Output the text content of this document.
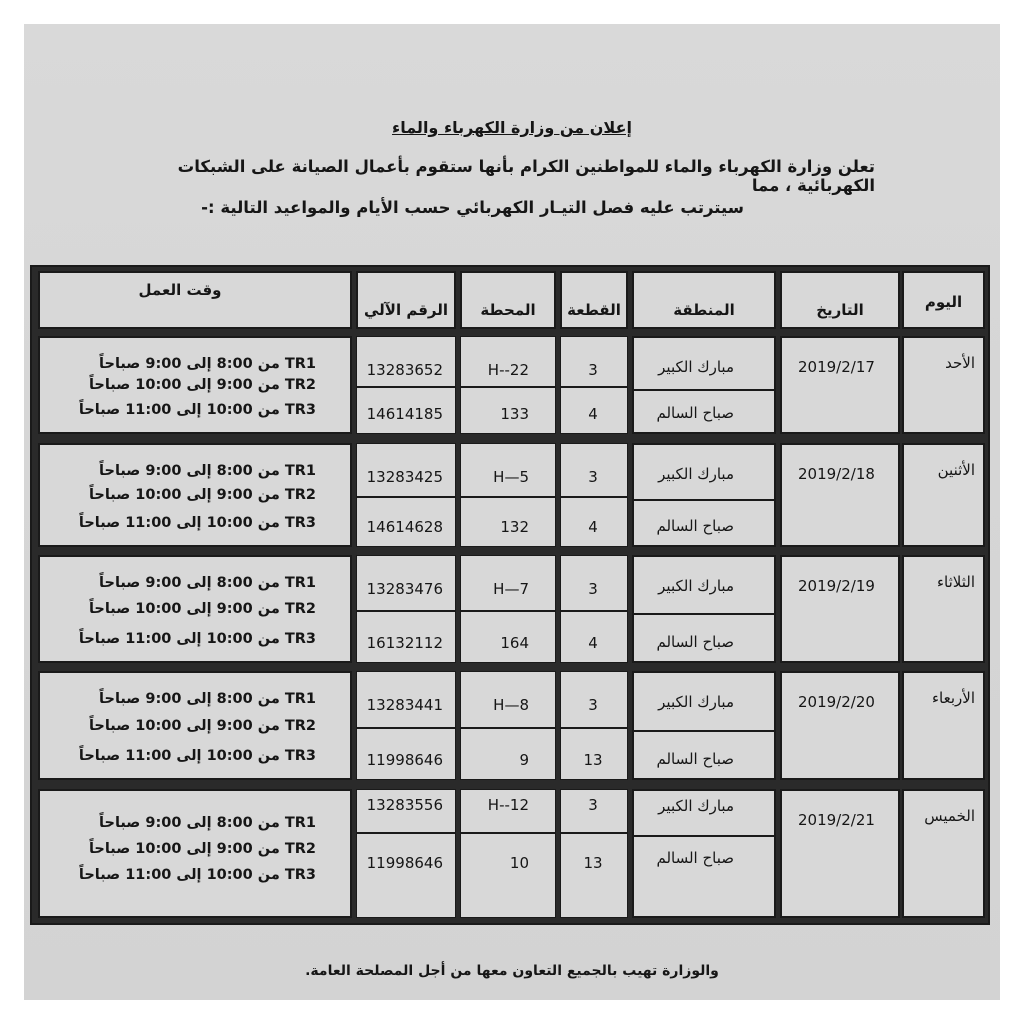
إعلان من وزارة الكهرباء والماء
تعلن وزارة الكهرباء والماء للمواطنين الكرام بأنها ستقوم بأعمال الصيانة على الشبكات الكهربائية ، مما
سيترتب عليه فصل التيـار الكهربائي حسب الأيام والمواعيد التالية :-
اليوم
التاريخ
المنطقة
القطعة
المحطة
الرقم الآلي
وقت العمل
الأحد
2019/2/17
مبارك الكبير
صباح السالم
3
4
H--22
133
13283652
14614185
TR1 من 8:00 إلى 9:00 صباحاً
TR2 من 9:00 إلى 10:00 صباحاً
TR3 من 10:00 إلى 11:00 صباحاً
الأثنين
2019/2/18
مبارك الكبير
صباح السالم
3
4
H—5
132
13283425
14614628
TR1 من 8:00 إلى 9:00 صباحاً
TR2 من 9:00 إلى 10:00 صباحاً
TR3 من 10:00 إلى 11:00 صباحاً
الثلاثاء
2019/2/19
مبارك الكبير
صباح السالم
3
4
H—7
164
13283476
16132112
TR1 من 8:00 إلى 9:00 صباحاً
TR2 من 9:00 إلى 10:00 صباحاً
TR3 من 10:00 إلى 11:00 صباحاً
الأربعاء
2019/2/20
مبارك الكبير
صباح السالم
3
13
H—8
9
13283441
11998646
TR1 من 8:00 إلى 9:00 صباحاً
TR2 من 9:00 إلى 10:00 صباحاً
TR3 من 10:00 إلى 11:00 صباحاً
الخميس
2019/2/21
مبارك الكبير
صباح السالم
3
13
H--12
10
13283556
11998646
TR1 من 8:00 إلى 9:00 صباحاً
TR2 من 9:00 إلى 10:00 صباحاً
TR3 من 10:00 إلى 11:00 صباحاً
والوزارة تهيب بالجميع التعاون معها من أجل المصلحة العامة.
